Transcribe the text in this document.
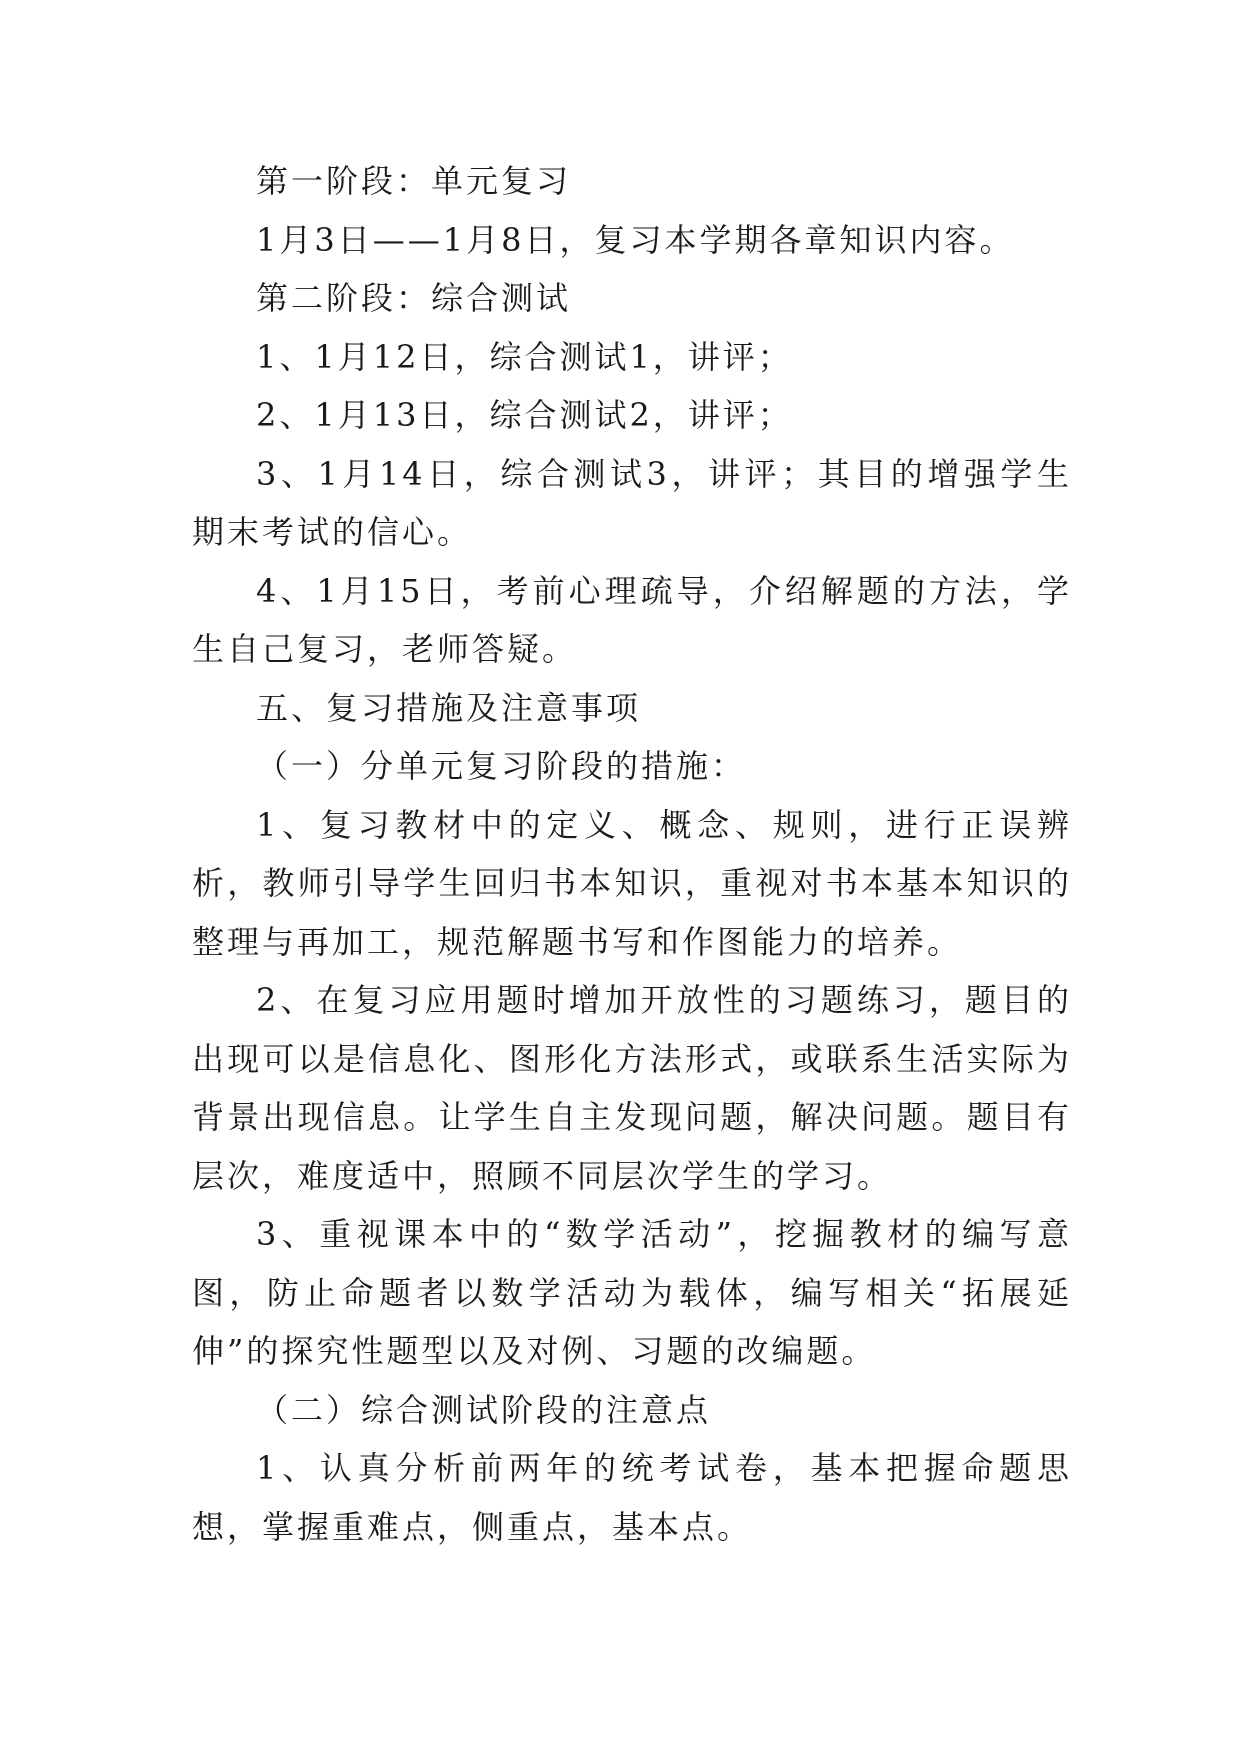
第一阶段：单元复习

1月3日——1月8日，复习本学期各章知识内容。

第二阶段：综合测试

1、1月12日，综合测试1，讲评；

2、1月13日，综合测试2，讲评；

3、1月14日，综合测试3，讲评；其目的增强学生期末考试的信心。

4、1月15日，考前心理疏导，介绍解题的方法，学生自己复习，老师答疑。

五、复习措施及注意事项

（一）分单元复习阶段的措施：

1、复习教材中的定义、概念、规则，进行正误辨析，教师引导学生回归书本知识，重视对书本基本知识的整理与再加工，规范解题书写和作图能力的培养。

2、在复习应用题时增加开放性的习题练习，题目的出现可以是信息化、图形化方法形式，或联系生活实际为背景出现信息。让学生自主发现问题，解决问题。题目有层次，难度适中，照顾不同层次学生的学习。

3、重视课本中的“数学活动”，挖掘教材的编写意图，防止命题者以数学活动为载体，编写相关“拓展延伸”的探究性题型以及对例、习题的改编题。

（二）综合测试阶段的注意点

1、认真分析前两年的统考试卷，基本把握命题思想，掌握重难点，侧重点，基本点。
